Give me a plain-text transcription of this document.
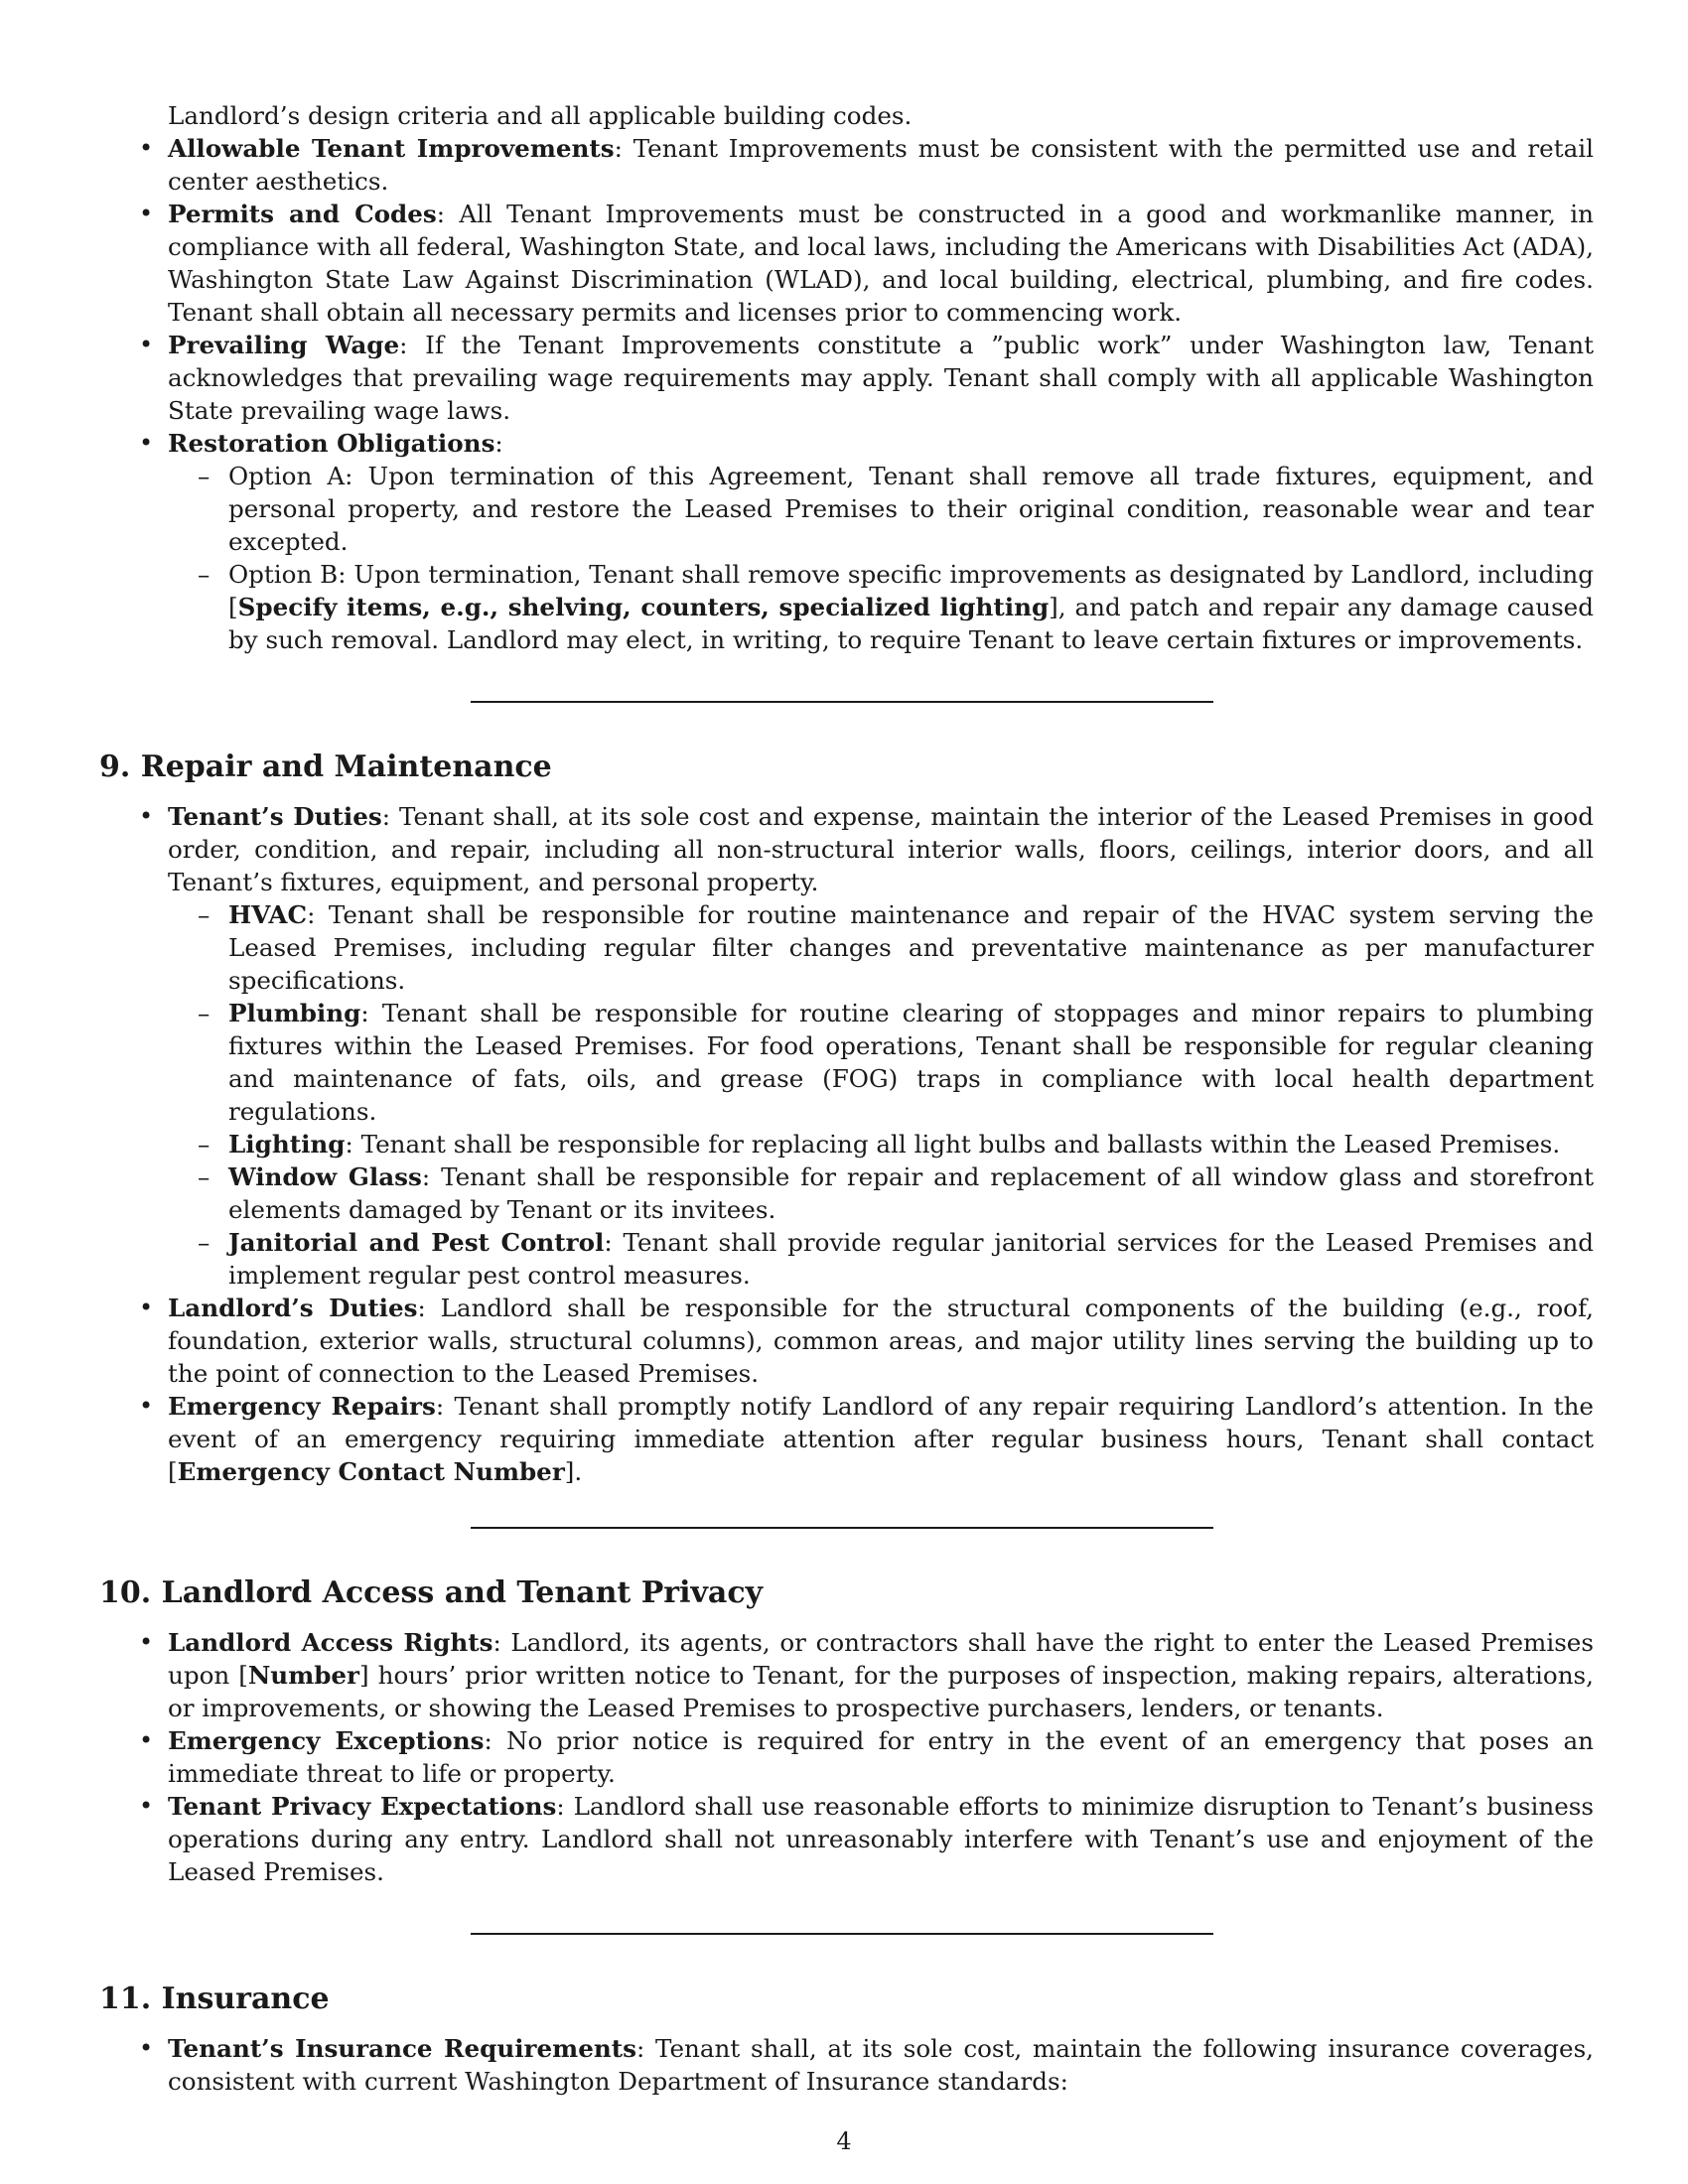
Landlord’s design criteria and all applicable building codes.
• Allowable Tenant Improvements: Tenant Improvements must be consistent with the permitted use and retail center aesthetics.
• Permits and Codes: All Tenant Improvements must be constructed in a good and workmanlike manner, in compliance with all federal, Washington State, and local laws, including the Americans with Disabilities Act (ADA), Washington State Law Against Discrimination (WLAD), and local building, electrical, plumbing, and fire codes. Tenant shall obtain all necessary permits and licenses prior to commencing work.
• Prevailing Wage: If the Tenant Improvements constitute a ”public work” under Washington law, Tenant acknowledges that prevailing wage requirements may apply. Tenant shall comply with all applicable Washington State prevailing wage laws.
• Restoration Obligations:
– Option A: Upon termination of this Agreement, Tenant shall remove all trade fixtures, equipment, and personal property, and restore the Leased Premises to their original condition, reasonable wear and tear excepted.
– Option B: Upon termination, Tenant shall remove specific improvements as designated by Landlord, including [Specify items, e.g., shelving, counters, specialized lighting], and patch and repair any damage caused by such removal. Landlord may elect, in writing, to require Tenant to leave certain fixtures or improvements.
9. Repair and Maintenance
• Tenant’s Duties: Tenant shall, at its sole cost and expense, maintain the interior of the Leased Premises in good order, condition, and repair, including all non-structural interior walls, floors, ceilings, interior doors, and all Tenant’s fixtures, equipment, and personal property.
– HVAC: Tenant shall be responsible for routine maintenance and repair of the HVAC system serving the Leased Premises, including regular filter changes and preventative maintenance as per manufacturer specifications.
– Plumbing: Tenant shall be responsible for routine clearing of stoppages and minor repairs to plumbing fixtures within the Leased Premises. For food operations, Tenant shall be responsible for regular cleaning and maintenance of fats, oils, and grease (FOG) traps in compliance with local health department regulations.
– Lighting: Tenant shall be responsible for replacing all light bulbs and ballasts within the Leased Premises.
– Window Glass: Tenant shall be responsible for repair and replacement of all window glass and storefront elements damaged by Tenant or its invitees.
– Janitorial and Pest Control: Tenant shall provide regular janitorial services for the Leased Premises and implement regular pest control measures.
• Landlord’s Duties: Landlord shall be responsible for the structural components of the building (e.g., roof, foundation, exterior walls, structural columns), common areas, and major utility lines serving the building up to the point of connection to the Leased Premises.
• Emergency Repairs: Tenant shall promptly notify Landlord of any repair requiring Landlord’s attention. In the event of an emergency requiring immediate attention after regular business hours, Tenant shall contact [Emergency Contact Number].
10. Landlord Access and Tenant Privacy
• Landlord Access Rights: Landlord, its agents, or contractors shall have the right to enter the Leased Premises upon [Number] hours’ prior written notice to Tenant, for the purposes of inspection, making repairs, alterations, or improvements, or showing the Leased Premises to prospective purchasers, lenders, or tenants.
• Emergency Exceptions: No prior notice is required for entry in the event of an emergency that poses an immediate threat to life or property.
• Tenant Privacy Expectations: Landlord shall use reasonable efforts to minimize disruption to Tenant’s business operations during any entry. Landlord shall not unreasonably interfere with Tenant’s use and enjoyment of the Leased Premises.
11. Insurance
• Tenant’s Insurance Requirements: Tenant shall, at its sole cost, maintain the following insurance coverages, consistent with current Washington Department of Insurance standards:
4
